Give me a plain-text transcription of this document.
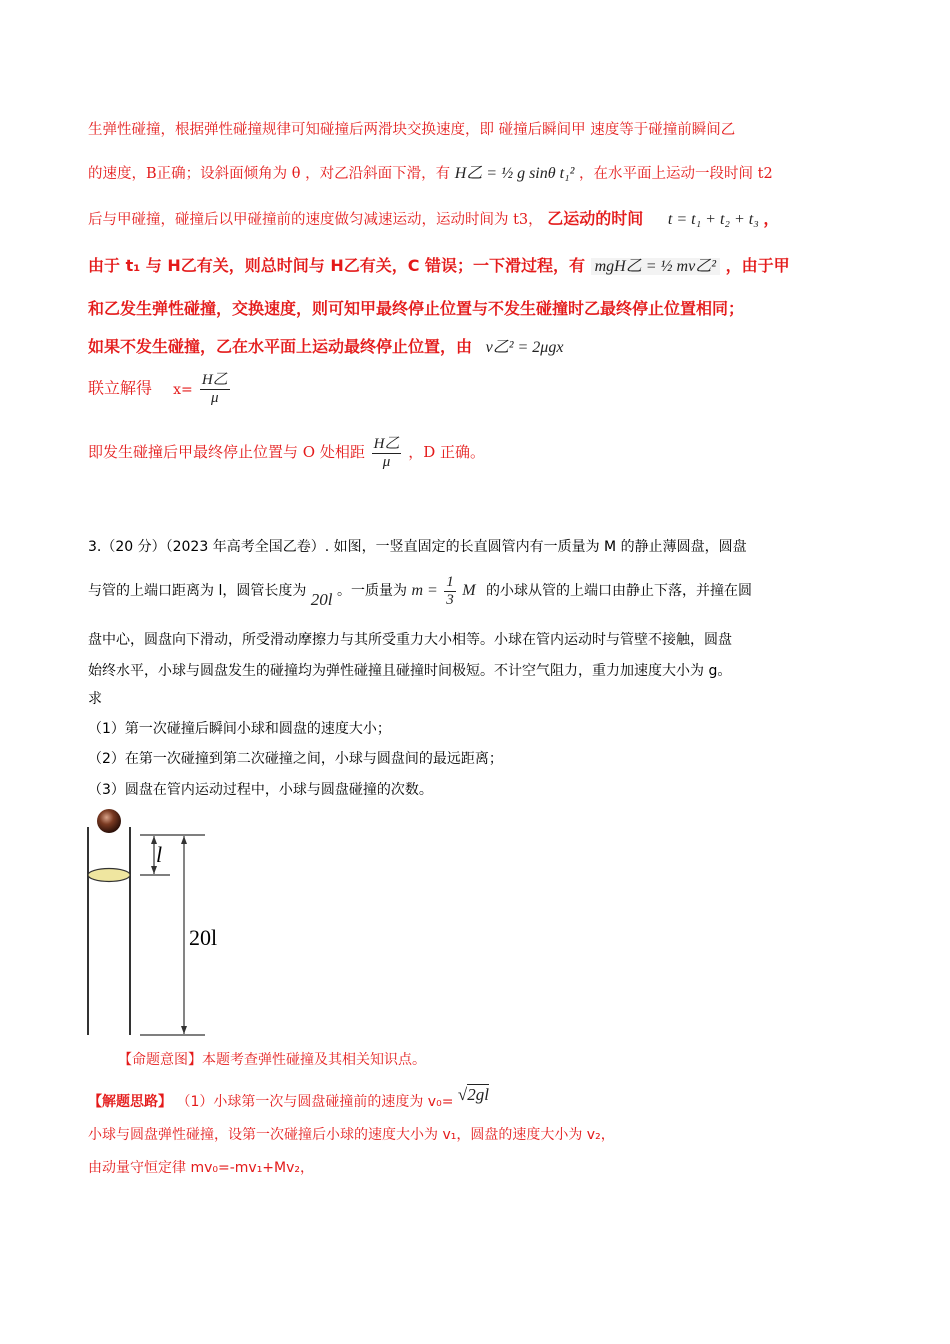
生弹性碰撞，根据弹性碰撞规律可知碰撞后两滑块交换速度，即 碰撞后瞬间甲 速度等于碰撞前瞬间乙
的速度，B正确；设斜面倾角为 θ ，对乙沿斜面下滑，有 H乙 = ½ g sinθ t₁² ，在水平面上运动一段时间 t2
后与甲碰撞，碰撞后以甲碰撞前的速度做匀减速运动，运动时间为 t3， 乙运动的时间 t = t₁ + t₂ + t₃ ，
由于 t₁ 与 H乙有关，则总时间与 H乙有关，C 错误；一下滑过程，有 mgH乙 = ½ mv乙² ，由于甲
和乙发生弹性碰撞，交换速度，则可知甲最终停止位置与不发生碰撞时乙最终停止位置相同；
如果不发生碰撞，乙在水平面上运动最终停止位置，由 v乙² = 2μgx
联立解得 $x= \frac{\text{H乙}}{\mu}$
即发生碰撞后甲最终停止位置与 O 处相距 $\frac{\text{H乙}}{\mu}$ ，D 正确。
3.（20 分）（2023 年高考全国乙卷）. 如图，一竖直固定的长直圆管内有一质量为 M 的静止薄圆盘，圆盘
与管的上端口距离为 l，圆管长度为 20l 。一质量为 $m = \frac{1}{3}$ M 的小球从管的上端口由静止下落，并撞在圆
盘中心，圆盘向下滑动，所受滑动摩擦力与其所受重力大小相等。小球在管内运动时与管壁不接触，圆盘
始终水平，小球与圆盘发生的碰撞均为弹性碰撞且碰撞时间极短。不计空气阻力，重力加速度大小为 g。
求
（1）第一次碰撞后瞬间小球和圆盘的速度大小；
（2）在第一次碰撞到第二次碰撞之间，小球与圆盘间的最远距离；
（3）圆盘在管内运动过程中，小球与圆盘碰撞的次数。
l
20l
【命题意图】本题考查弹性碰撞及其相关知识点。
【解题思路】 （1）小球第一次与圆盘碰撞前的速度为 v₀= √2gl
小球与圆盘弹性碰撞，设第一次碰撞后小球的速度大小为 v₁，圆盘的速度大小为 v₂，
由动量守恒定律 mv₀=-mv₁+Mv₂，
